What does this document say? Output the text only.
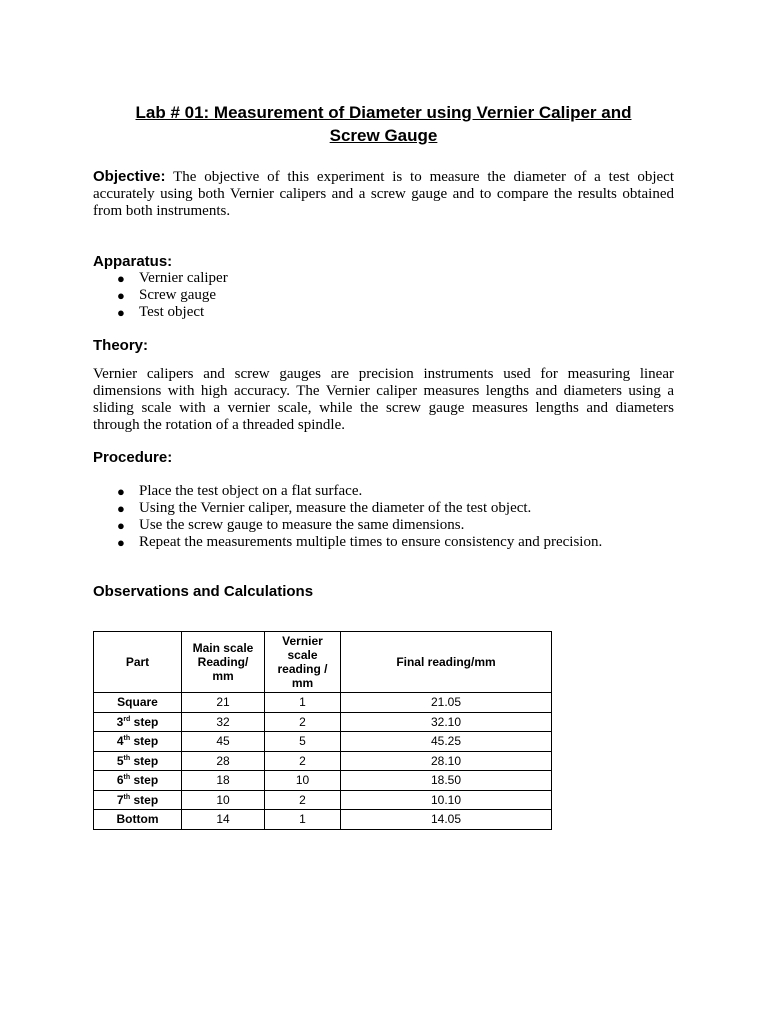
Lab # 01: Measurement of Diameter using Vernier Caliper and
Screw Gauge
Objective: The objective of this experiment is to measure the diameter of a test object accurately using both Vernier calipers and a screw gauge and to compare the results obtained from both instruments.
Apparatus:
● Vernier caliper
● Screw gauge
● Test object
Theory:
Vernier calipers and screw gauges are precision instruments used for measuring linear dimensions with high accuracy. The Vernier caliper measures lengths and diameters using a sliding scale with a vernier scale, while the screw gauge measures lengths and diameters through the rotation of a threaded spindle.
Procedure:
● Place the test object on a flat surface.
● Using the Vernier caliper, measure the diameter of the test object.
● Use the screw gauge to measure the same dimensions.
● Repeat the measurements multiple times to ensure consistency and precision.
Observations and Calculations
Part	Main scale
Reading/
mm	Vernier
scale
reading /
mm	Final reading/mm
Square	21	1	21.05
3rd step	32	2	32.10
4th step	45	5	45.25
5th step	28	2	28.10
6th step	18	10	18.50
7th step	10	2	10.10
Bottom	14	1	14.05
